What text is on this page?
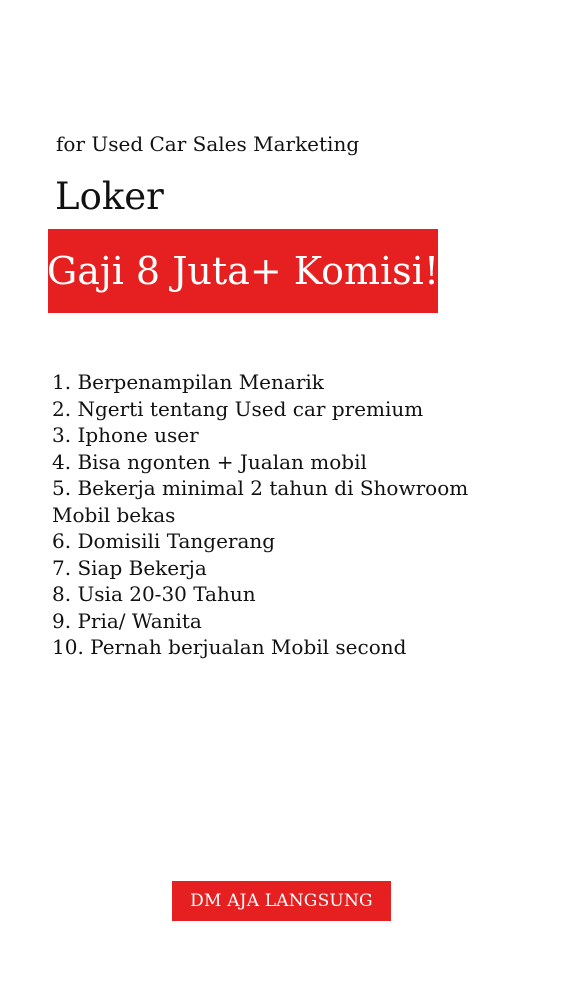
for Used Car Sales Marketing
Loker
Gaji 8 Juta+ Komisi!
1. Berpenampilan Menarik
2. Ngerti tentang Used car premium
3. Iphone user
4. Bisa ngonten + Jualan mobil
5. Bekerja minimal 2 tahun di Showroom Mobil bekas
6. Domisili Tangerang
7. Siap Bekerja
8. Usia 20-30 Tahun
9. Pria/ Wanita
10. Pernah berjualan Mobil second
DM AJA LANGSUNG
